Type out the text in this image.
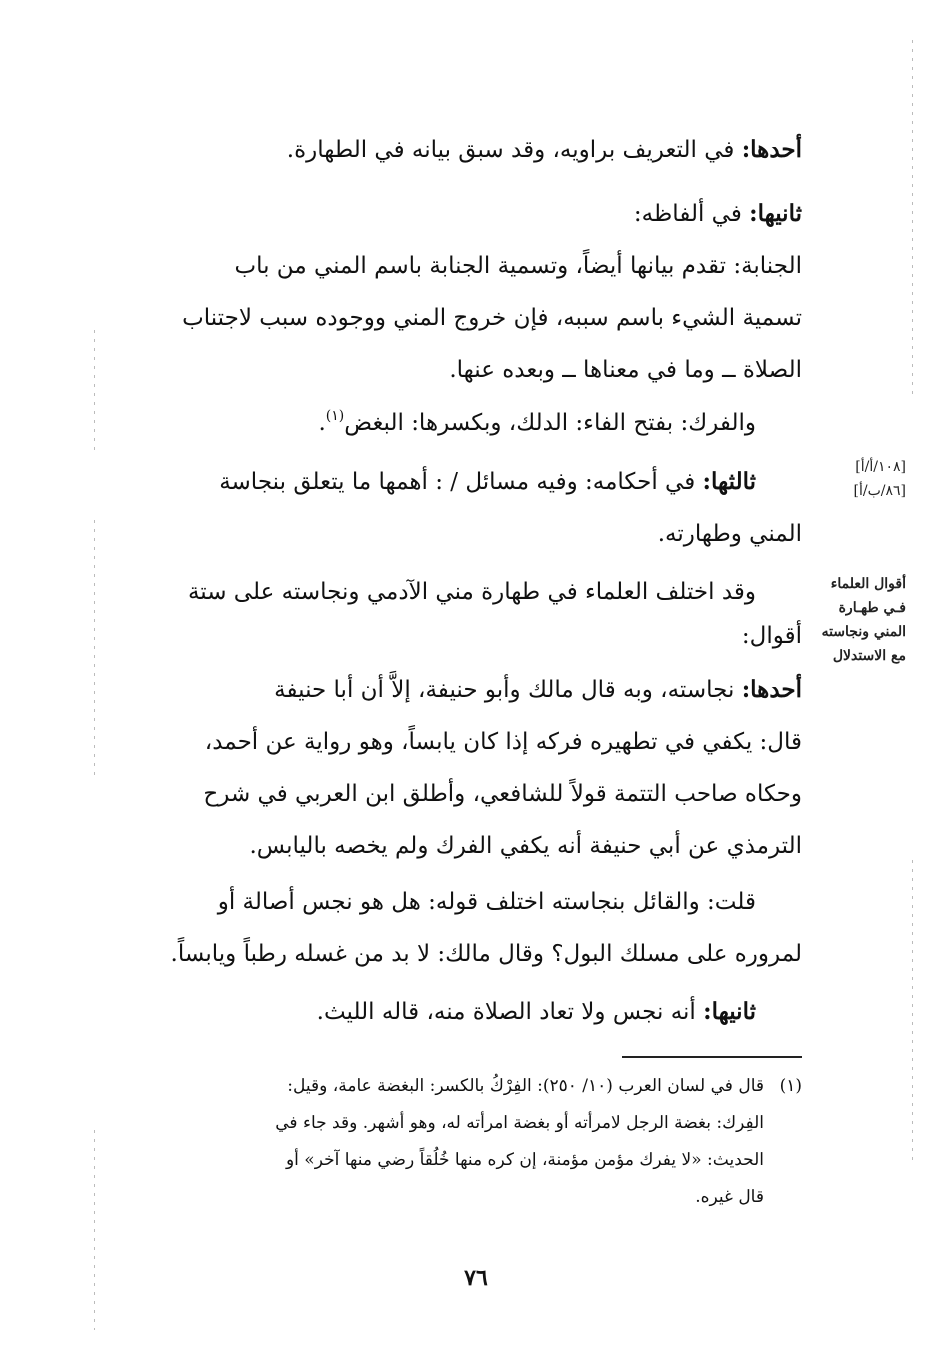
أحدها: في التعريف براويه، وقد سبق بيانه في الطهارة.
ثانيها: في ألفاظه:
الجنابة: تقدم بيانها أيضاً، وتسمية الجنابة باسم المني من باب
تسمية الشيء باسم سببه، فإن خروج المني ووجوده سبب لاجتناب
الصلاة ــ وما في معناها ــ وبعده عنها.
والفرك: بفتح الفاء: الدلك، وبكسرها: البغض$^{(١)}$.
ثالثها: في أحكامه: وفيه مسائل / : أهمها ما يتعلق بنجاسة
المني وطهارته.
وقد اختلف العلماء في طهارة مني الآدمي ونجاسته على ستة
أقوال:
أحدها: نجاسته، وبه قال مالك وأبو حنيفة، إلاَّ أن أبا حنيفة
قال: يكفي في تطهيره فركه إذا كان يابساً، وهو رواية عن أحمد،
وحكاه صاحب التتمة قولاً للشافعي، وأطلق ابن العربي في شرح
الترمذي عن أبي حنيفة أنه يكفي الفرك ولم يخصه باليابس.
قلت: والقائل بنجاسته اختلف قوله: هل هو نجس أصالة أو
لمروره على مسلك البول؟ وقال مالك: لا بد من غسله رطباً ويابساً.
ثانيها: أنه نجس ولا تعاد الصلاة منه، قاله الليث.
[١٠٨/أ/أ]
[٨٦/ب/أ]
أقوال العلماء
فـي طهـارة
المني ونجاسته
مع الاستدلال
(١)قال في لسان العرب (١٠/ ٢٥٠): الفِرْكُ بالكسر: البغضة عامة، وقيل:
الفِرك: بغضة الرجل لامرأته أو بغضة امرأته له، وهو أشهر. وقد جاء في
الحديث: «لا يفرك مؤمن مؤمنة، إن كره منها خُلُقاً رضي منها آخر» أو
قال غيره.
٧٦
